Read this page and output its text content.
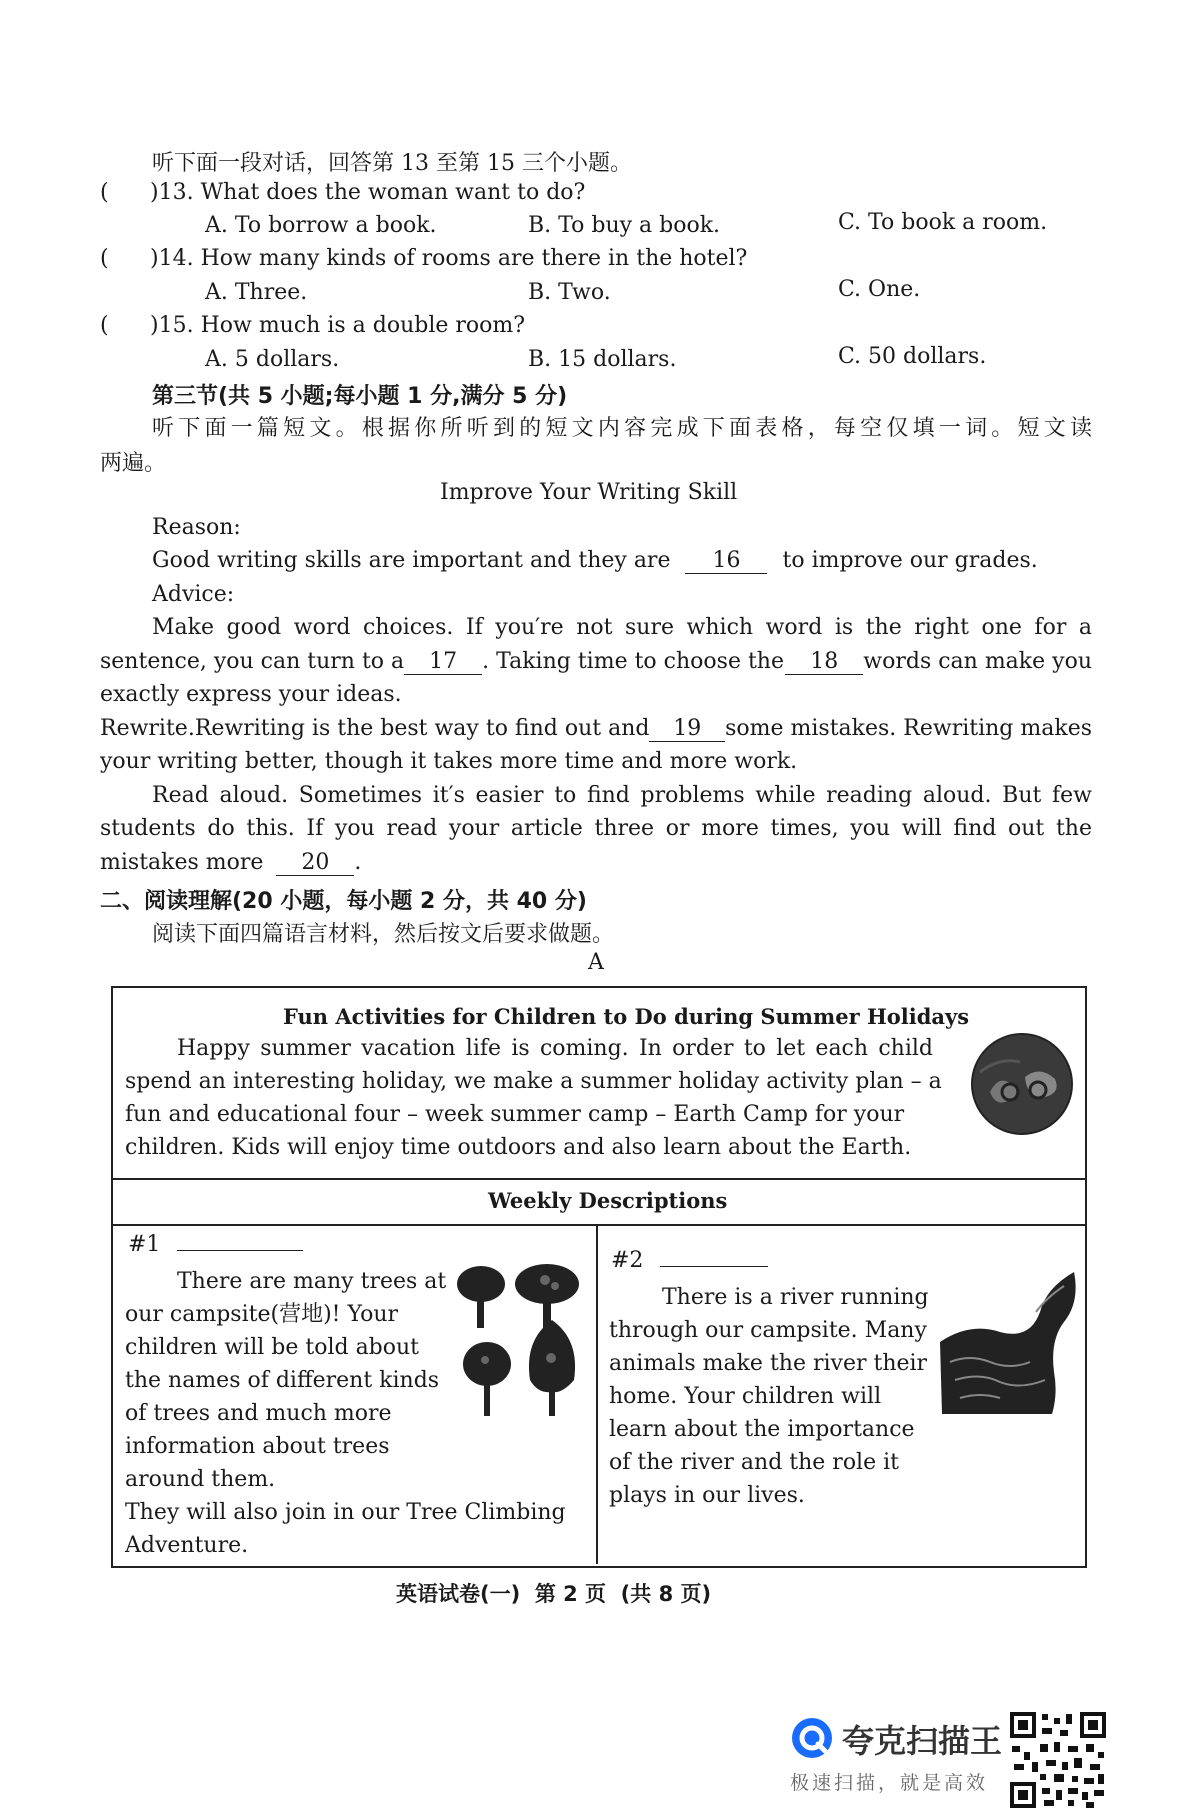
听下面一段对话，回答第 13 至第 15 三个小题。
( )13. What does the woman want to do?
A. To borrow a book.	B. To buy a book.	C. To book a room.
( )14. How many kinds of rooms are there in the hotel?
A. Three.	B. Two.	C. One.
( )15. How much is a double room?
A. 5 dollars.	B. 15 dollars.	C. 50 dollars.
第三节(共 5 小题;每小题 1 分,满分 5 分)
听下面一篇短文。根据你所听到的短文内容完成下面表格，每空仅填一词。短文读
两遍。
Improve Your Writing Skill
Reason:
Good writing skills are important and they are 16 to improve our grades.
Advice:
Make good word choices. If you′re not sure which word is the right one for a
sentence, you can turn to a 17 . Taking time to choose the	18 words can make you
exactly express your ideas.
Rewrite.Rewriting is the best way to find out and	19	some mistakes. Rewriting makes
your writing better, though it takes more time and more work.
Read aloud. Sometimes it′s easier to find problems while reading aloud. But few
students do this. If you read your article three or more times, you will find out the
mistakes more 20 .
二、阅读理解(20 小题，每小题 2 分，共 40 分)
阅读下面四篇语言材料，然后按文后要求做题。
A
Fun Activities for Children to Do during Summer Holidays
Happy summer vacation life is coming. In order to let each child
spend an interesting holiday, we make a summer holiday activity plan – a
fun and educational four – week summer camp – Earth Camp for your
children. Kids will enjoy time outdoors and also learn about the Earth.
Weekly Descriptions
#1
There are many trees at
our campsite(营地)! Your
children will be told about
the names of different kinds
of trees and much more
information about trees
around them.
They will also join in our Tree Climbing
Adventure.
#2
There is a river running
through our campsite. Many
animals make the river their
home. Your children will
learn about the importance
of the river and the role it
plays in our lives.
英语试卷(一)  第 2 页  (共 8 页)
夸克扫描王
极速扫描，就是高效
